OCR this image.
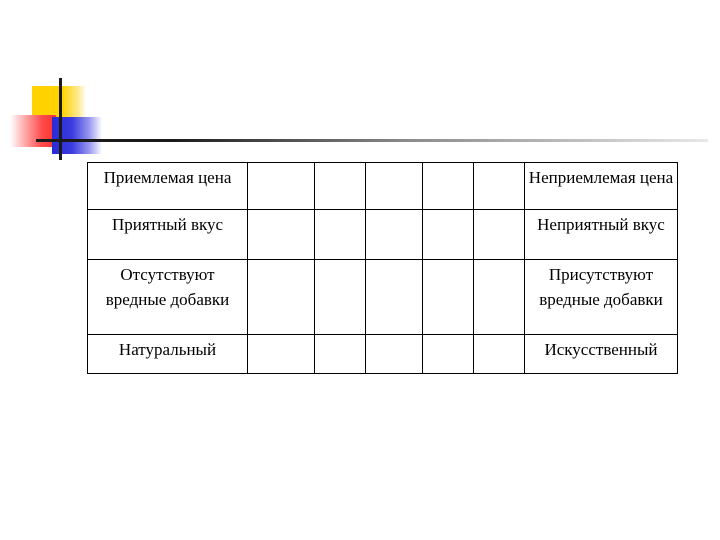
Приемлемая цена						Неприемлемая цена
Приятный вкус						Неприятный вкус
Отсутствуют вредные добавки						Присутствуют вредные добавки
Натуральный						Искусственный
